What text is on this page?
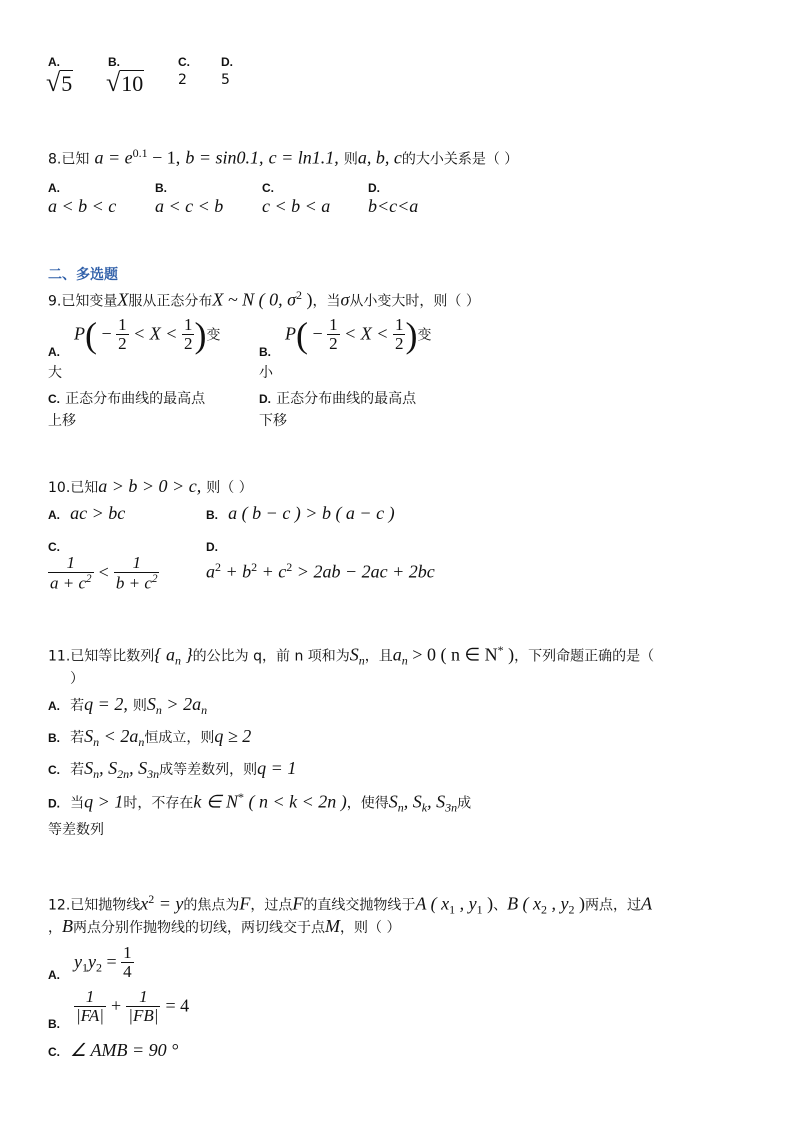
A.
√5
B.
√10
C.
2
D.
5
8.已知 $a = e^{0.1} - 1$, b = sin0.1, c = ln1.1, 则a, b, c的大小关系是（ ）
A.
a < b < c
B.
a < c < b
C.
c < b < a
D.
b<c<a
二、多选题
9.已知变量X服从正态分布X ~ N ( 0, $\sigma^2$ )，当σ从小变大时，则（ ）
A.
$P( - \frac{1}{2} < X < \frac{1}{2}$ )变
大
B.
$P( - \frac{1}{2} < X < \frac{1}{2}$ )变
小
C. 正态分布曲线的最高点
上移
D. 正态分布曲线的最高点
下移
10.已知a > b > 0 > c, 则（ ）
A. ac > bc	B. a ( b − c ) > b ( a − c )
C.
$\frac{1}{a + c^2} < \frac{1}{b + c^2}$
D.
$a^2 + b^2 + c^2 > 2ab - 2ac + 2bc$
11.已知等比数列{ $a_n$ }的公比为 q，前 n 项和为$S_n$，且$a_n > 0$ ( n ∈ N* )，下列命题正确的是（
）
A. 若q = 2, 则$S_n > 2a_n$
B. 若$S_n < 2a_n$恒成立，则q ≥ 2
C. 若$S_n$, $S_{2n}$, $S_{3n}$成等差数列，则q = 1
D. 当q > 1时，不存在k ∈ N* ( n < k < 2n )，使得$S_n$, $S_k$, $S_{3n}$成
等差数列
12.已知抛物线$x^2 = y$的焦点为F，过点F的直线交抛物线于A ( $x_1$ , $y_1$ )、B ( $x_2$ , $y_2$ )两点，过A
，B两点分别作抛物线的切线，两切线交于点M，则（ ）
A.
$y_1y_2 = \frac{1}{4}$
B. $\frac{1}{|FA|} + \frac{1}{|FB|} = 4$
C. ∠ AMB = 90 °
